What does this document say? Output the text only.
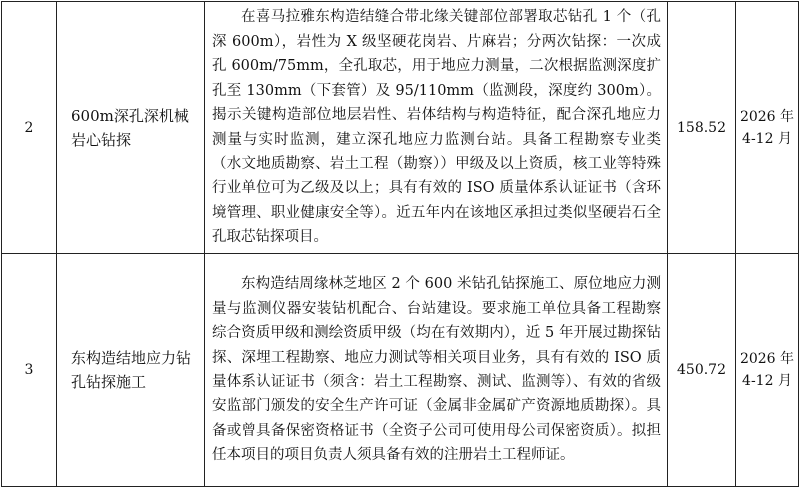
2	600m深孔深机械岩心钻探	在喜马拉雅东构造结缝合带北缘关键部位部署取芯钻孔 1 个（孔深 600m），岩性为 X 级坚硬花岗岩、片麻岩；分两次钻探：一次成孔 600m/75mm，全孔取芯，用于地应力测量，二次根据监测深度扩孔至 130mm（下套管）及 95/110mm（监测段，深度约 300m）。揭示关键构造部位地层岩性、岩体结构与构造特征，配合深孔地应力测量与实时监测，建立深孔地应力监测台站。具备工程勘察专业类（水文地质勘察、岩土工程（勘察））甲级及以上资质，核工业等特殊行业单位可为乙级及以上；具有有效的 ISO 质量体系认证证书（含环境管理、职业健康安全等）。近五年内在该地区承担过类似坚硬岩石全孔取芯钻探项目。	158.52	2026 年
4-12 月

3	东构造结地应力钻孔钻探施工	东构造结周缘林芝地区 2 个 600 米钻孔钻探施工、原位地应力测量与监测仪器安装钻机配合、台站建设。要求施工单位具备工程勘察综合资质甲级和测绘资质甲级（均在有效期内），近 5 年开展过勘探钻探、深埋工程勘察、地应力测试等相关项目业务，具有有效的 ISO 质量体系认证证书（须含：岩土工程勘察、测试、监测等）、有效的省级安监部门颁发的安全生产许可证（金属非金属矿产资源地质勘探）。具备或曾具备保密资格证书（全资子公司可使用母公司保密资质）。拟担任本项目的项目负责人须具备有效的注册岩土工程师证。	450.72	2026 年
4-12 月
